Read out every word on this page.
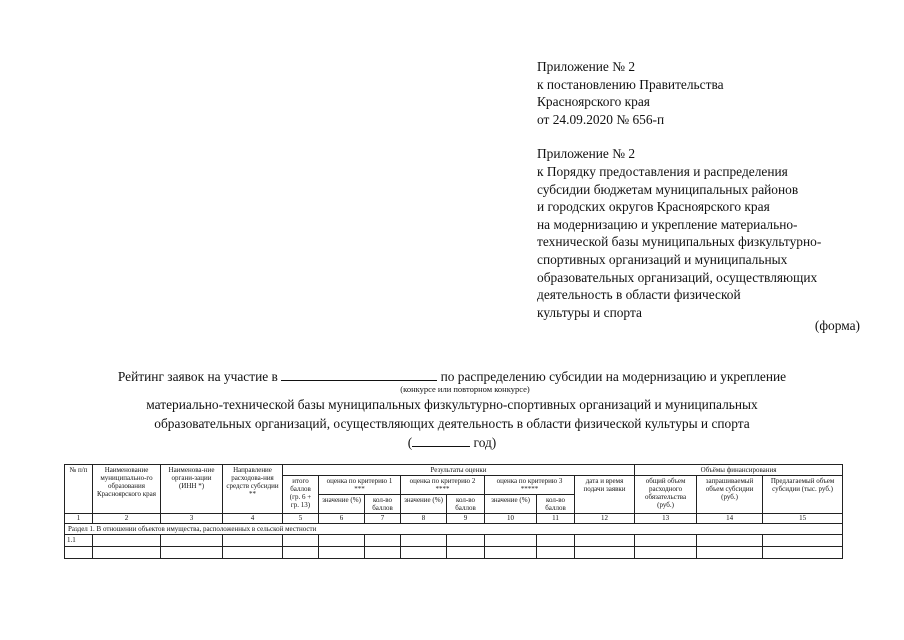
Приложение № 2
к постановлению Правительства
Красноярского края
от 24.09.2020 № 656-п
Приложение № 2
к Порядку предоставления и распределения
субсидии бюджетам муниципальных районов
и городских округов Красноярского края
на модернизацию и укрепление материально-
технической базы муниципальных физкультурно-
спортивных организаций и муниципальных
образовательных организаций, осуществляющих
деятельность в области физической
культуры и спорта
(форма)
Рейтинг заявок на участие в	по распределению субсидии на модернизацию и укрепление
(конкурсе или повторном конкурсе)
материально-технической базы муниципальных физкультурно-спортивных организаций и муниципальных
образовательных организаций, осуществляющих деятельность в области физической культуры и спорта
(	год)
№ п/п	Наименование муниципально-го образования Красноярского края	Наименова-ние органи-зации (ИНН *)	Направление расходова-ния средств субсидии **	Результаты оценки								Объёмы финансирования		
				итого баллов (гр. 6 + гр. 13)	оценка по критерию 1 ***		оценка по критерию 2 ****		оценка по критерию 3 *****		дата и время подачи заявки	общий объем расходного обязательства (руб.)	запрашиваемый объем субсидии (руб.)	Предлагаемый объем субсидии (тыс. руб.)
					значение (%)	кол-во баллов	значение (%)	кол-во баллов	значение (%)	кол-во баллов				
1	2	3	4	5	6	7	8	9	10	11	12	13	14	15
Раздел 1. В отношении объектов имущества, расположенных в сельской местности														
1.1														
